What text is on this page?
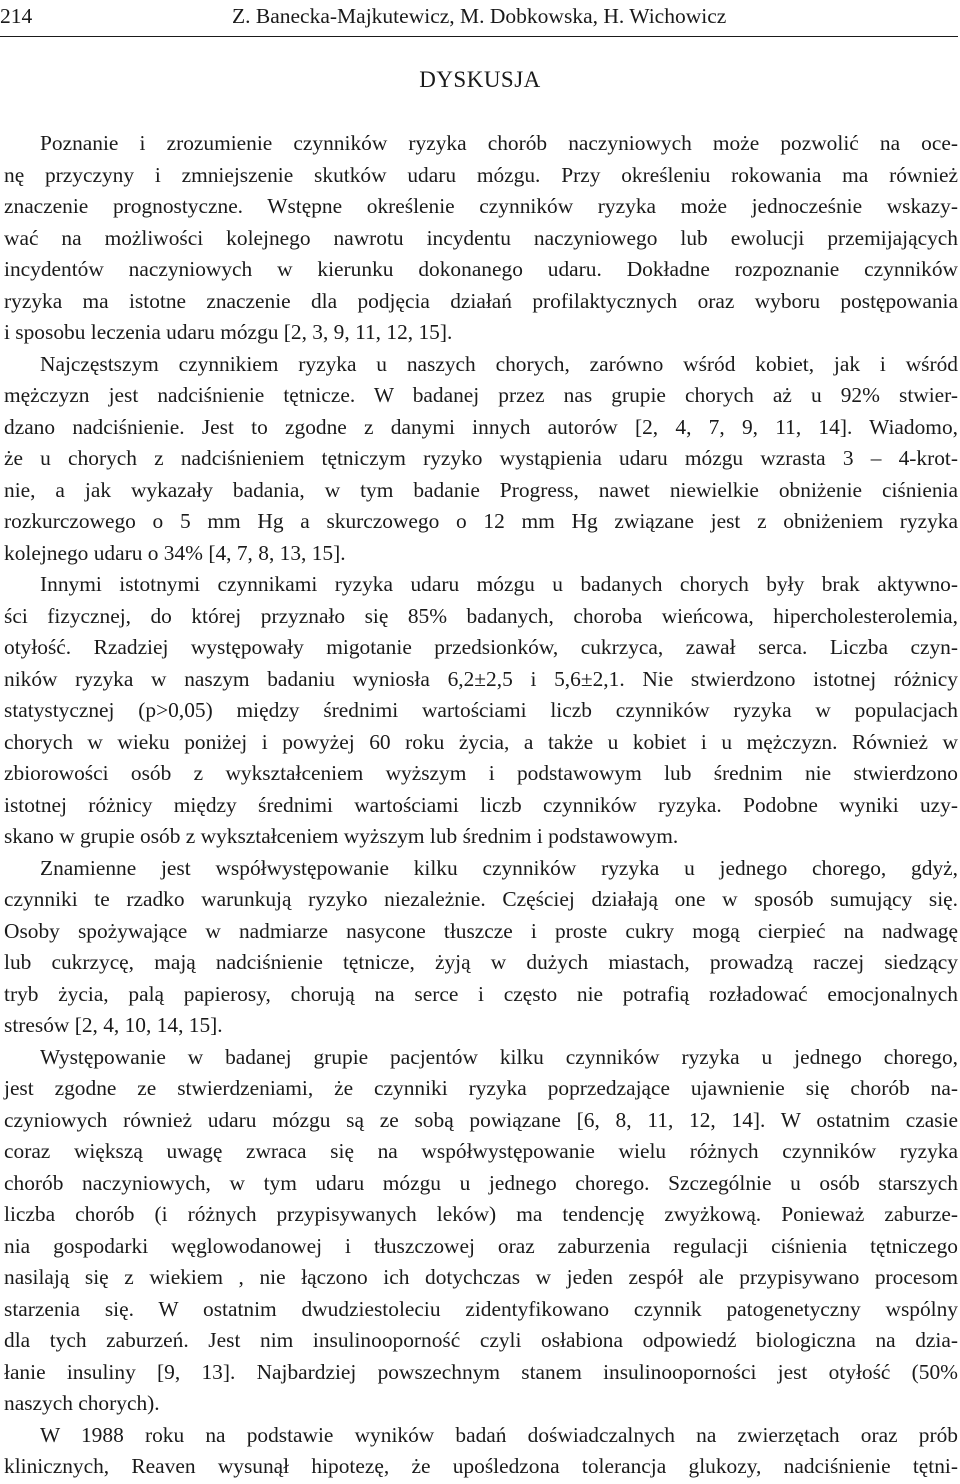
214	Z. Banecka-Majkutewicz, M. Dobkowska, H. Wichowicz
DYSKUSJA

Poznanie i zrozumienie czynników ryzyka chorób naczyniowych może pozwolić na oce-
nę przyczyny i zmniejszenie skutków udaru mózgu. Przy określeniu rokowania ma również
znaczenie prognostyczne. Wstępne określenie czynników ryzyka może jednocześnie wskazy-
wać na możliwości kolejnego nawrotu incydentu naczyniowego lub ewolucji przemijających
incydentów naczyniowych w kierunku dokonanego udaru. Dokładne rozpoznanie czynników
ryzyka ma istotne znaczenie dla podjęcia działań profilaktycznych oraz wyboru postępowania
i sposobu leczenia udaru mózgu [2, 3, 9, 11, 12, 15].

Najczęstszym czynnikiem ryzyka u naszych chorych, zarówno wśród kobiet, jak i wśród
mężczyzn jest nadciśnienie tętnicze. W badanej przez nas grupie chorych aż u 92% stwier-
dzano nadciśnienie. Jest to zgodne z danymi innych autorów [2, 4, 7, 9, 11, 14]. Wiadomo,
że u chorych z nadciśnieniem tętniczym ryzyko wystąpienia udaru mózgu wzrasta 3 – 4-krot-
nie, a jak wykazały badania, w tym badanie Progress, nawet niewielkie obniżenie ciśnienia
rozkurczowego o 5 mm Hg a skurczowego o 12 mm Hg związane jest z obniżeniem ryzyka
kolejnego udaru o 34% [4, 7, 8, 13, 15].

Innymi istotnymi czynnikami ryzyka udaru mózgu u badanych chorych były brak aktywno-
ści fizycznej, do której przyznało się 85% badanych, choroba wieńcowa, hipercholesterolemia,
otyłość. Rzadziej występowały migotanie przedsionków, cukrzyca, zawał serca. Liczba czyn-
ników ryzyka w naszym badaniu wyniosła 6,2±2,5 i 5,6±2,1. Nie stwierdzono istotnej różnicy
statystycznej (p>0,05) między średnimi wartościami liczb czynników ryzyka w populacjach
chorych w wieku poniżej i powyżej 60 roku życia, a także u kobiet i u mężczyzn. Również w
zbiorowości osób z wykształceniem wyższym i podstawowym lub średnim nie stwierdzono
istotnej różnicy między średnimi wartościami liczb czynników ryzyka. Podobne wyniki uzy-
skano w grupie osób z wykształceniem wyższym lub średnim i podstawowym.

Znamienne jest współwystępowanie kilku czynników ryzyka u jednego chorego, gdyż,
czynniki te rzadko warunkują ryzyko niezależnie. Częściej działają one w sposób sumujący się.
Osoby spożywające w nadmiarze nasycone tłuszcze i proste cukry mogą cierpieć na nadwagę
lub cukrzycę, mają nadciśnienie tętnicze, żyją w dużych miastach, prowadzą raczej siedzący
tryb życia, palą papierosy, chorują na serce i często nie potrafią rozładować emocjonalnych
stresów [2, 4, 10, 14, 15].

Występowanie w badanej grupie pacjentów kilku czynników ryzyka u jednego chorego,
jest zgodne ze stwierdzeniami, że czynniki ryzyka poprzedzające ujawnienie się chorób na-
czyniowych również udaru mózgu są ze sobą powiązane [6, 8, 11, 12, 14]. W ostatnim czasie
coraz większą uwagę zwraca się na współwystępowanie wielu różnych czynników ryzyka
chorób naczyniowych, w tym udaru mózgu u jednego chorego. Szczególnie u osób starszych
liczba chorób (i różnych przypisywanych leków) ma tendencję zwyżkową. Ponieważ zaburze-
nia gospodarki węglowodanowej i tłuszczowej oraz zaburzenia regulacji ciśnienia tętniczego
nasilają się z wiekiem , nie łączono ich dotychczas w jeden zespół ale przypisywano procesom
starzenia się. W ostatnim dwudziestoleciu zidentyfikowano czynnik patogenetyczny wspólny
dla tych zaburzeń. Jest nim insulinooporność czyli osłabiona odpowiedź biologiczna na dzia-
łanie insuliny [9, 13]. Najbardziej powszechnym stanem insulinooporności jest otyłość (50%
naszych chorych).

W 1988 roku na podstawie wyników badań doświadczalnych na zwierzętach oraz prób
klinicznych, Reaven wysunął hipotezę, że upośledzona tolerancja glukozy, nadciśnienie tętni-
